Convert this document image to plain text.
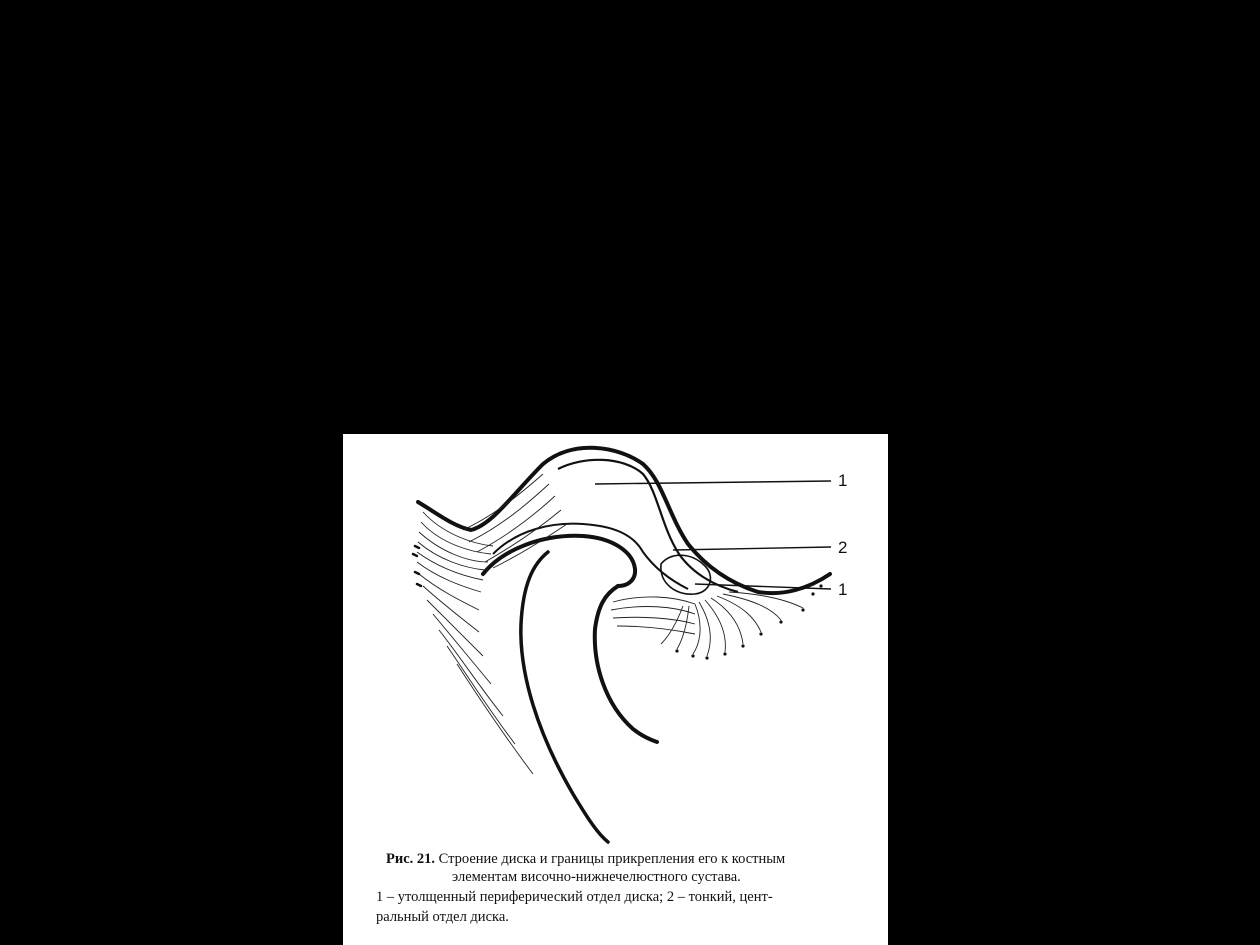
1
2
1
Рис. 21. Строение диска и границы прикрепления его к костным
элементам височно-нижнечелюстного сустава.
1 – утолщенный периферический отдел диска; 2 – тонкий, цент-
ральный отдел диска.
